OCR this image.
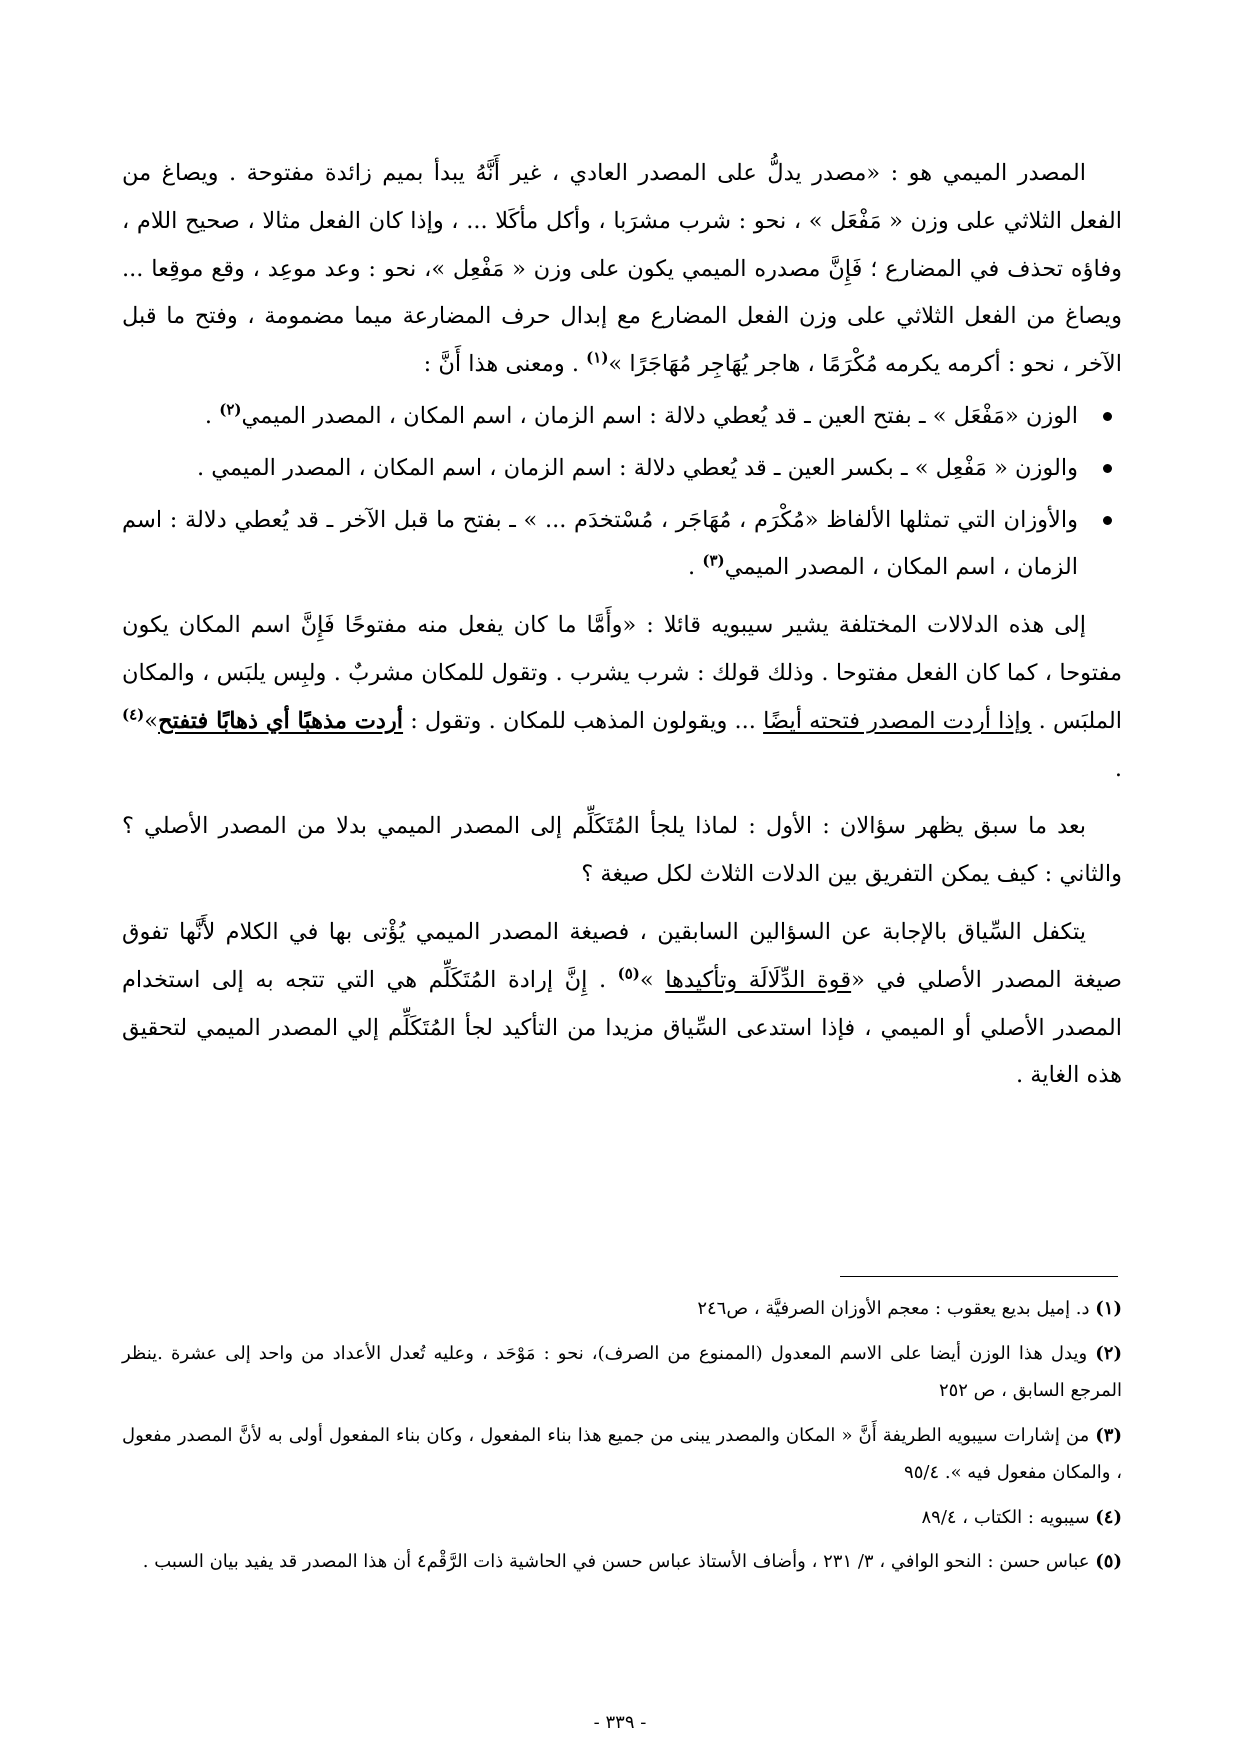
المصدر الميمي هو : «مصدر يدلُّ على المصدر العادي ، غير أَنَّهُ يبدأ بميم زائدة مفتوحة . ويصاغ من الفعل الثلاثي على وزن « مَفْعَل » ، نحو : شرب مشرَبا ، وأكل مأكَلا ... ، وإذا كان الفعل مثالا ، صحيح اللام ، وفاؤه تحذف في المضارع ؛ فَإِنَّ مصدره الميمي يكون على وزن « مَفْعِل »، نحو : وعد موعِد ، وقع موقِعا ... ويصاغ من الفعل الثلاثي على وزن الفعل المضارع مع إبدال حرف المضارعة ميما مضمومة ، وفتح ما قبل الآخر ، نحو : أكرمه يكرمه مُكْرَمًا ، هاجر يُهَاجِر مُهَاجَرًا »$^{(١)}$ . ومعنى هذا أَنَّ :

الوزن «مَفْعَل » ـ بفتح العين ـ قد يُعطي دلالة : اسم الزمان ، اسم المكان ، المصدر الميمي$^{(٢)}$ .
والوزن « مَفْعِل » ـ بكسر العين ـ قد يُعطي دلالة : اسم الزمان ، اسم المكان ، المصدر الميمي .
والأوزان التي تمثلها الألفاظ «مُكْرَم ، مُهَاجَر ، مُسْتخدَم ... » ـ بفتح ما قبل الآخر ـ قد يُعطي دلالة : اسم الزمان ، اسم المكان ، المصدر الميمي$^{(٣)}$ .

إلى هذه الدلالات المختلفة يشير سيبويه قائلا : «وأَمَّا ما كان يفعل منه مفتوحًا فَإِنَّ اسم المكان يكون مفتوحا ، كما كان الفعل مفتوحا . وذلك قولك : شرب يشرب . وتقول للمكان مشربٌ . ولبِس يلبَس ، والمكان الملبَس . وإذا أردت المصدر فتحته أيضًا ... ويقولون المذهب للمكان . وتقول : أردت مذهبًا أي ذهابًا فتفتح»$^{(٤)}$ .

بعد ما سبق يظهر سؤالان : الأول : لماذا يلجأ المُتَكَلِّم إلى المصدر الميمي بدلا من المصدر الأصلي ؟ والثاني : كيف يمكن التفريق بين الدلات الثلاث لكل صيغة ؟

يتكفل السِّياق بالإجابة عن السؤالين السابقين ، فصيغة المصدر الميمي يُؤْتى بها في الكلام لأَنَّها تفوق صيغة المصدر الأصلي في «قوة الدِّلَالَة وتأكيدها »$^{(٥)}$ . إِنَّ إرادة المُتَكَلِّم هي التي تتجه به إلى استخدام المصدر الأصلي أو الميمي ، فإذا استدعى السِّياق مزيدا من التأكيد لجأ المُتَكَلِّم إلي المصدر الميمي لتحقيق هذه الغاية .

(١) د. إميل بديع يعقوب : معجم الأوزان الصرفيَّة ، ص٢٤٦

(٢) ويدل هذا الوزن أيضا على الاسم المعدول (الممنوع من الصرف)، نحو : مَوْحَد ، وعليه تُعدل الأعداد من واحد إلى عشرة .ينظر المرجع السابق ، ص ٢٥٢

(٣) من إشارات سيبويه الطريفة أَنَّ « المكان والمصدر يبنى من جميع هذا بناء المفعول ، وكان بناء المفعول أولى به لأنَّ المصدر مفعول ، والمكان مفعول فيه ». ٩٥/٤

(٤) سيبويه : الكتاب ، ٨٩/٤

(٥) عباس حسن : النحو الوافي ، ٣/ ٢٣١ ، وأضاف الأستاذ عباس حسن في الحاشية ذات الرَّقْم٤ أن هذا المصدر قد يفيد بيان السبب .

- ٣٣٩ -
